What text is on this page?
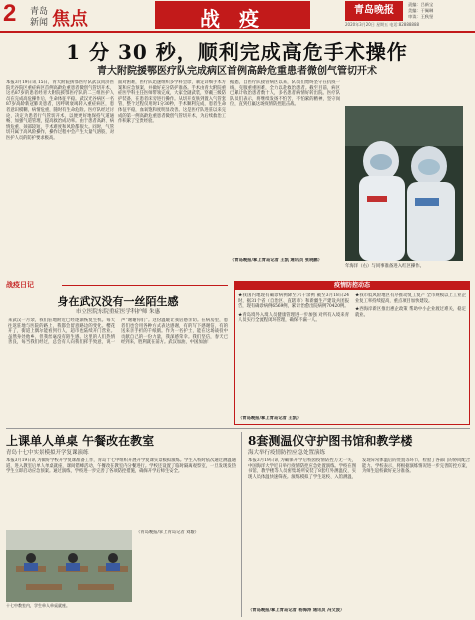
2 青岛
新闻 焦点	战 疫	青岛晚报
2020年3月20日 星期五 电话:82888888
责编：吕新宝
美编：于佩琳
审读：王秋坚
1 分 30 秒，顺利完成高危手术操作
青大附院援鄂医疗队完成病区首例高龄危重患者微创气管切开术
本报3月19日讯 15日，青大附院援鄂医疗队武汉同济医院光谷院区重症病区首例高龄危重患者微创气管切开术，这名87岁的患者经青大附院援鄂医疗队的二三组医护人员在完成高危操作后，生命体征平稳。武汉光谷病区一名87岁高龄新冠肺炎患者，因呼吸衰竭转入重症病区，患者意识模糊，病情危重，随时有生命危险。医疗队经过讨论，决定为患者行气管切开术，以便更好地保持气道通畅、加强气道管理，提高救治成功率。由于患者高龄、病情危重、颈部较短，手术难度和风险都很大。同时，气管切开属于高风险操作，操作过程中会产生大量气溶胶，对医护人员的防护要求极高。
面对困难，医疗队迅速组织多学科会诊，制定详细手术方案和应急预案，并做好充分防护准备。手术由青大附院重症医学科主任医师带领完成，大家全副武装，穿戴三级防护装备，在患者床旁进行操作。从切开皮肤到置入气管套管，整个过程仅用时1分30秒，手术顺利完成，患者生命体征平稳，血氧饱和度明显改善。这是医疗队进驻以来完成的第一例高龄危重患者微创气管切开术，为后续救治工作积累了宝贵经验。
据悉，自医疗队接管病区以来，队员们始终坚守在抗疫一线，克服重重困难，全力以赴救治患者。截至目前，病区已累计收治患者数十人，多名患者病情好转出院。医疗队队员们表示，将继续发扬不怕苦、不怕累的精神，坚守岗位，直到打赢这场疫情防控阻击战。
（青岛晚报/掌上青岛记者 王凯 通讯员 张晓鹏）
年海洋（右）与同事准备进入红区操作。
战疫日记
身在武汉没有一丝陌生感
市立医院东院重症医学科护师 朱惠
来武汉一月余，我们驻地附近已经逐渐恢复生机。每天往返驻地与医院的路上，我都会留意路边的变化。樱花开了，街道上偶尔能看到行人，超市也陆续开门营业。虽然身处他乡，但我丝毫没有陌生感。这里的人们热情善良，每当我们经过，总会有人向我们挥手致意，说一声“谢谢你们”。这份温暖让我倍感亲切。在病房里，患者们也会用各种方式表达感谢，有的写下感谢信，有的送来亲手折的千纸鹤。作为一名护士，能在这场战役中贡献自己的一份力量，我深感荣幸。我们坚信，春天已经到来，胜利就在前方。武汉加油，中国加油！
疫情防控动态

★我国内地现有确诊病例降至六千余例 截至3月18日24时，据31个省（自治区、直辖市）和新疆生产建设兵团报告，现有确诊病例6569例，累计治愈出院病例70420例。

★青岛境外入境人员健康管理进一步加强 对所有入境来青人员实行全流程闭环管理，确保不漏一人。

★我市低风险地区有序推动复工复产 全市规模以上工业企业复工率持续提高，重点项目加快建设。

★西海岸新区推出惠企政策 帮助中小企业渡过难关，稳定就业。

（青岛晚报/掌上青岛记者 王凯）
上课单人单桌 午餐改在教室
青岛十七中实景模拟开学复课演练
本报3月19日讯 为做好学校开学复课准备工作，青岛十七中组织开展开学复课实景模拟演练。学生入校时依次通过测温通道，进入教室后单人单桌就座，课间错峰活动，午餐改在教室内分餐进行。学校还设置了临时隔离观察室，一旦发现发热学生立即启动应急预案。通过演练，学校进一步完善了各项防控措施，确保开学后师生安全。
十七中教室内，学生单人单桌就座。
（青岛晚报/掌上青岛记者 刘璇）
8套测温仪守护图书馆和教学楼
海大举行疫情防控应急处置演练
本报3月19日讯 为确保开学后校园疫情防控万无一失，中国海洋大学近日举行疫情防控应急处置演练。学校在图书馆、教学楼等人员密集场所安装了8套红外测温仪，实现人员体温快速筛查。演练模拟了学生返校、入馆测温、发现异常体温后的处置等环节，检验了各部门的协同配合能力。学校表示，将根据演练情况进一步完善防控方案，为师生返校做好充分准备。
（青岛晚报/掌上青岛记者 杨海涛 通讯员 冯文波）
